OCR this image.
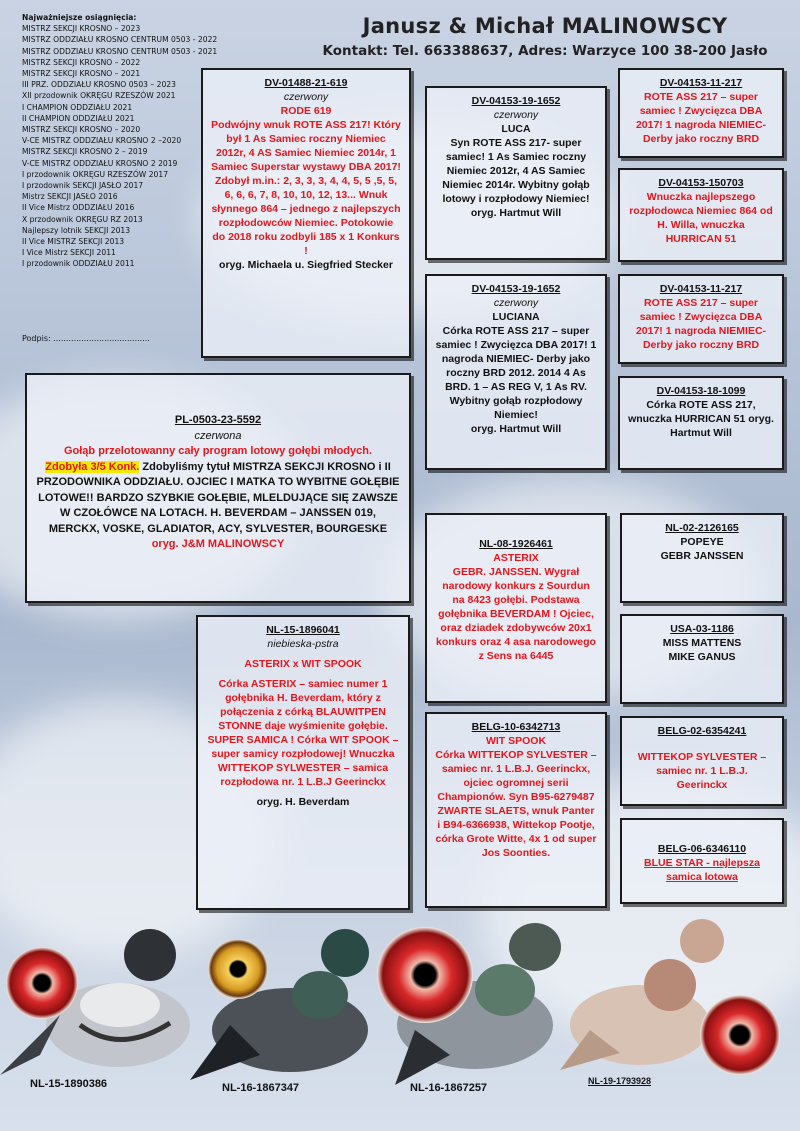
Najważniejsze osiągnięcia:
MISTRZ SEKCJI KROSNO – 2023
MISTRZ ODDZIAŁU KROSNO CENTRUM 0503 - 2022
MISTRZ ODDZIAŁU KROSNO CENTRUM 0503 - 2021
MISTRZ SEKCJI KROSNO – 2022
MISTRZ SEKCJI KROSNO – 2021
III PRZ. ODDZIAŁU KROSNO 0503 – 2023
XII przodownik OKRĘGU RZESZÓW 2021
I CHAMPION ODDZIAŁU 2021
II CHAMPION ODDZIAŁU 2021
MISTRZ SEKCJI KROSNO – 2020
V-CE MISTRZ ODDZIAŁU KROSNO 2 –2020
MISTRZ SEKCJI KROSNO 2 – 2019
V-CE MISTRZ ODDZIAŁU KROSNO 2 2019
I przodownik OKRĘGU RZESZÓW 2017
I przodownik SEKCJI JASŁO 2017
Mistrz SEKCJI JASŁO 2016
II Vice Mistrz ODDZIAŁU 2016
X przodownik OKRĘGU RZ 2013
Najlepszy lotnik SEKCJI 2013
II Vice MISTRZ SEKCJI 2013
I Vice Mistrz SEKCJI 2011
I przodownik ODDZIAŁU 2011
Podpis: ......................................
Janusz & Michał MALINOWSCY
Kontakt: Tel. 663388637, Adres: Warzyce 100 38-200 Jasło
DV-01488-21-619
czerwony
RODE 619
Podwójny wnuk ROTE ASS 217! Który był 1 As Samiec roczny Niemiec 2012r, 4 AS Samiec Niemiec 2014r, 1 Samiec Superstar wystawy DBA 2017! Zdobył m.in.: 2, 3, 3, 3, 4, 4, 5, 5 ,5, 5, 6, 6, 6, 7, 8, 10, 10, 12, 13... Wnuk słynnego 864 – jednego z najlepszych rozpłodowców Niemiec. Potokowie do 2018 roku zodbyli 185 x 1 Konkurs !
oryg. Michaela u. Siegfried Stecker
DV-04153-19-1652
czerwony
LUCA
Syn ROTE ASS 217- super samiec! 1 As Samiec roczny Niemiec 2012r, 4 AS Samiec Niemiec 2014r. Wybitny gołąb lotowy i rozpłodowy Niemiec!
oryg. Hartmut Will
DV-04153-11-217
ROTE ASS 217 – super samiec ! Zwycięzca DBA 2017! 1 nagroda NIEMIEC- Derby jako roczny BRD
DV-04153-150703
Wnuczka najlepszego rozpłodowca Niemiec 864 od H. Willa, wnuczka HURRICAN 51
DV-04153-19-1652
czerwony
LUCIANA
Córka ROTE ASS 217 – super samiec ! Zwycięzca DBA 2017! 1 nagroda NIEMIEC- Derby jako roczny BRD 2012. 2014 4 As BRD. 1 – AS REG V, 1 As RV. Wybitny gołąb rozpłodowy Niemiec!
oryg. Hartmut Will
DV-04153-11-217
ROTE ASS 217 – super samiec ! Zwycięzca DBA 2017! 1 nagroda NIEMIEC- Derby jako roczny BRD
DV-04153-18-1099
Córka ROTE ASS 217, wnuczka HURRICAN 51 oryg. Hartmut Will
PL-0503-23-5592
czerwona
Gołąb przelotowanny cały program lotowy gołębi młodych.
Zdobyła 3/5 Konk. Zdobyliśmy tytuł MISTRZA SEKCJI KROSNO i II PRZODOWNIKA ODDZIAŁU. OJCIEC I MATKA TO WYBITNE GOŁĘBIE LOTOWE!! BARDZO SZYBKIE GOŁĘBIE, MLELDUJĄCE SIĘ ZAWSZE W CZOŁÓWCE NA LOTACH. H. BEVERDAM – JANSSEN 019, MERCKX, VOSKE, GLADIATOR, ACY, SYLVESTER, BOURGESKE
oryg. J&M MALINOWSCY
NL-15-1896041
niebieska-pstra
ASTERIX x WIT SPOOK
Córka ASTERIX – samiec numer 1 gołębnika H. Beverdam, który z połączenia z córką BLAUWITPEN STONNE daje wyśmienite gołębie. SUPER SAMICA ! Córka WIT SPOOK – super samicy rozpłodowej! Wnuczka WITTEKOP SYLWESTER – samica rozpłodowa nr. 1 L.B.J Geerinckx
oryg. H. Beverdam
NL-08-1926461
ASTERIX
GEBR. JANSSEN. Wygrał narodowy konkurs z Sourdun na 8423 gołębi. Podstawa gołębnika BEVERDAM ! Ojciec, oraz dziadek zdobywców 20x1 konkurs oraz 4 asa narodowego z Sens na 6445
NL-02-2126165
POPEYE
GEBR JANSSEN
USA-03-1186
MISS MATTENS
MIKE GANUS
BELG-10-6342713
WIT SPOOK
Córka WITTEKOP SYLVESTER – samiec nr. 1 L.B.J. Geerinckx, ojciec ogromnej serii Championów. Syn B95-6279487 ZWARTE SLAETS, wnuk Panter i B94-6366938, Wittekop Pootje, córka Grote Witte, 4x 1 od super Jos Soonties.
BELG-02-6354241
WITTEKOP SYLVESTER – samiec nr. 1 L.B.J. Geerinckx
BELG-06-6346110
BLUE STAR - najlepsza samica lotowa
NL-15-1890386	NL-16-1867347	NL-16-1867257
NL-19-1793928
